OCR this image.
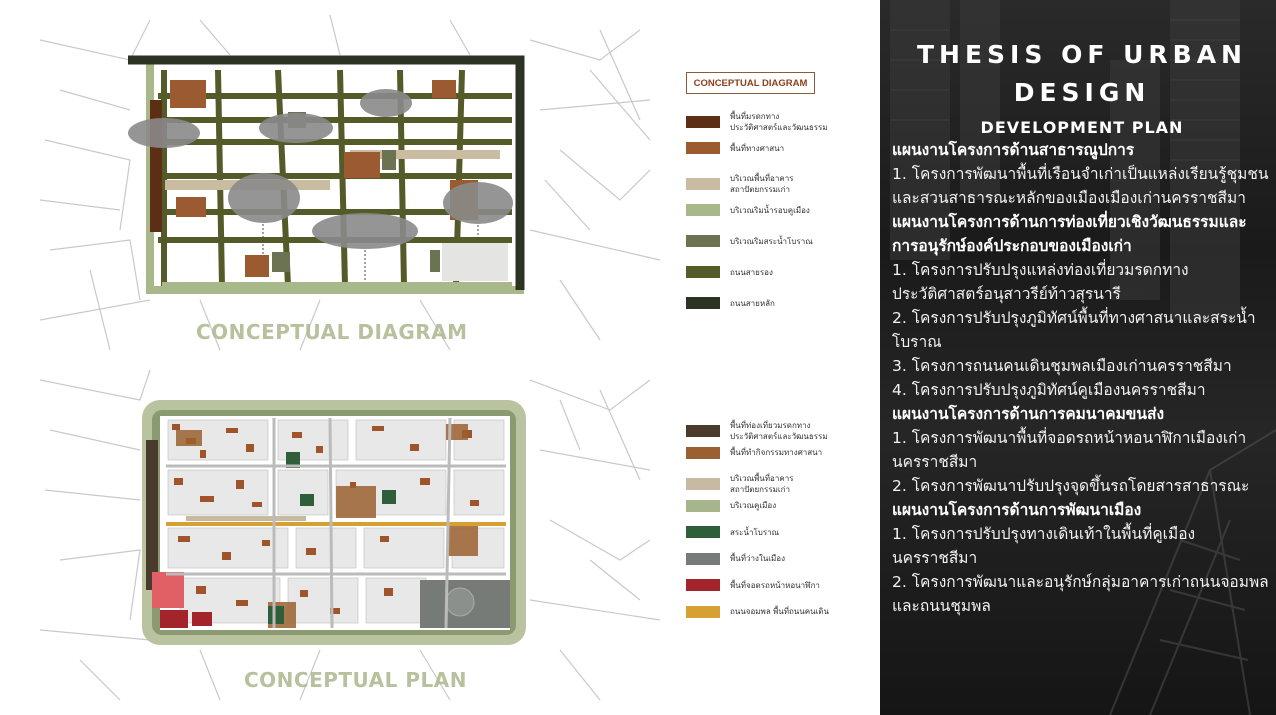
CONCEPTUAL DIAGRAM
CONCEPTUAL PLAN
CONCEPTUAL DIAGRAM
พื้นที่มรดกทาง
ประวัติศาสตร์และวัฒนธรรม
พื้นที่ทางศาสนา
บริเวณพื้นที่อาคาร
สถาปัตยกรรมเก่า
บริเวณริมน้ำรอบคูเมือง
บริเวณริมสระน้ำโบราณ
ถนนสายรอง
ถนนสายหลัก
พื้นที่ท่องเที่ยวมรดกทาง
ประวัติศาสตร์และวัฒนธรรม
พื้นที่ทำกิจกรรมทางศาสนา
บริเวณพื้นที่อาคาร
สถาปัตยกรรมเก่า
บริเวณคูเมือง
สระน้ำโบราณ
พื้นที่ว่างในเมือง
พื้นที่จอดรถหน้าหอนาฬิกา
ถนนจอมพล พื้นที่ถนนคนเดิน
THESIS OF URBAN DESIGN
DEVELOPMENT PLAN
แผนงานโครงการด้านสาธารณูปการ
1. โครงการพัฒนาพื้นที่เรือนจำเก่าเป็นแหล่งเรียนรู้ชุมชนและสวนสาธารณะหลักของเมืองเมืองเก่านครราชสีมา
แผนงานโครงการด้านการท่องเที่ยวเชิงวัฒนธรรมและการอนุรักษ์องค์ประกอบของเมืองเก่า
1. โครงการปรับปรุงแหล่งท่องเที่ยวมรดกทางประวัติศาสตร์อนุสาวรีย์ท้าวสุรนารี
2. โครงการปรับปรุงภูมิทัศน์พื้นที่ทางศาสนาและสระน้ำโบราณ
3. โครงการถนนคนเดินชุมพลเมืองเก่านครราชสีมา
4. โครงการปรับปรุงภูมิทัศน์คูเมืองนครราชสีมา
แผนงานโครงการด้านการคมนาคมขนส่ง
1. โครงการพัฒนาพื้นที่จอดรถหน้าหอนาฬิกาเมืองเก่านครราชสีมา
2. โครงการพัฒนาปรับปรุงจุดขึ้นรถโดยสารสาธารณะ
แผนงานโครงการด้านการพัฒนาเมือง
1. โครงการปรับปรุงทางเดินเท้าในพื้นที่คูเมืองนครราชสีมา
2. โครงการพัฒนาและอนุรักษ์กลุ่มอาคารเก่าถนนจอมพลและถนนชุมพล
